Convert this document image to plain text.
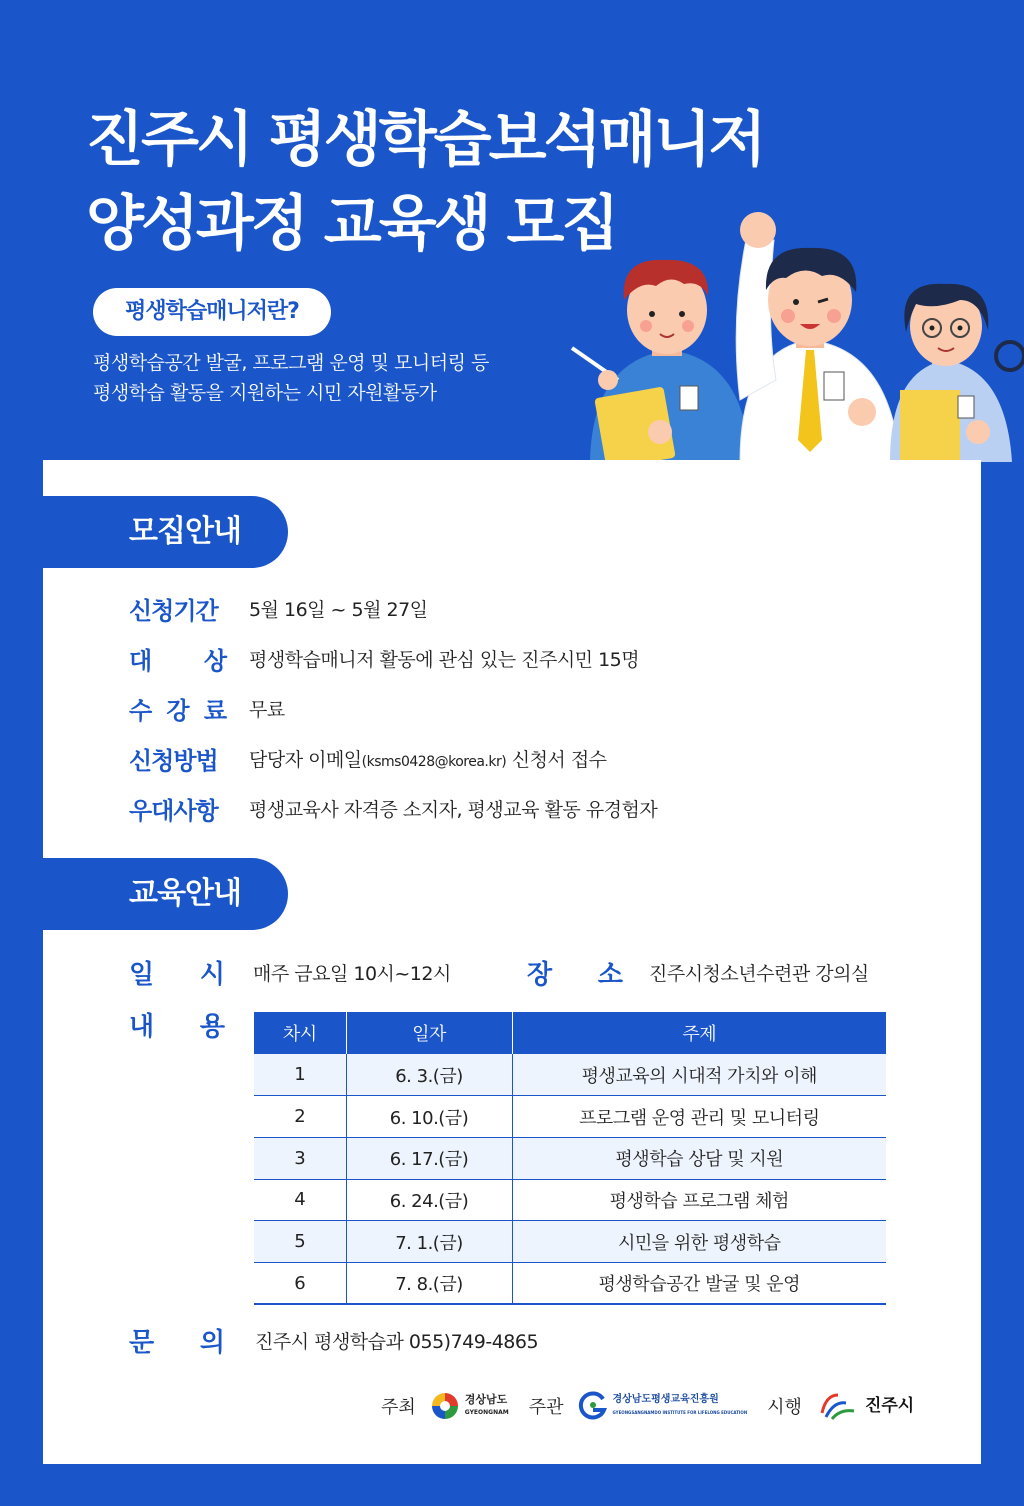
진주시 평생학습보석매니저
양성과정 교육생 모집
평생학습매니저란?
평생학습공간 발굴, 프로그램 운영 및 모니터링 등
평생학습 활동을 지원하는 시민 자원활동가
모집안내
신청기간	5월 16일 ~ 5월 27일
대 상 평생학습매니저 활동에 관심 있는 진주시민 15명
수 강 료 무료
신청방법	담당자 이메일(ksms0428@korea.kr) 신청서 접수
우대사항	평생교육사 자격증 소지자, 평생교육 활동 유경험자
교육안내
일 시 매주 금요일 10시~12시	장 소 진주시청소년수련관 강의실
내 용	차시	일자	주제
1	6. 3.(금)	평생교육의 시대적 가치와 이해
2	6. 10.(금)	프로그램 운영 관리 및 모니터링
3	6. 17.(금)	평생학습 상담 및 지원
4	6. 24.(금)	평생학습 프로그램 체험
5	7. 1.(금)	시민을 위한 평생학습
6	7. 8.(금)	평생학습공간 발굴 및 운영
문 의 진주시 평생학습과 055)749-4865
주최	경상남도
GYEONGNAM 주관	경상남도평생교육진흥원
GYEONGSANGNAMDO INSTITUTE FOR LIFELONG EDUCATION 시행	진주시
